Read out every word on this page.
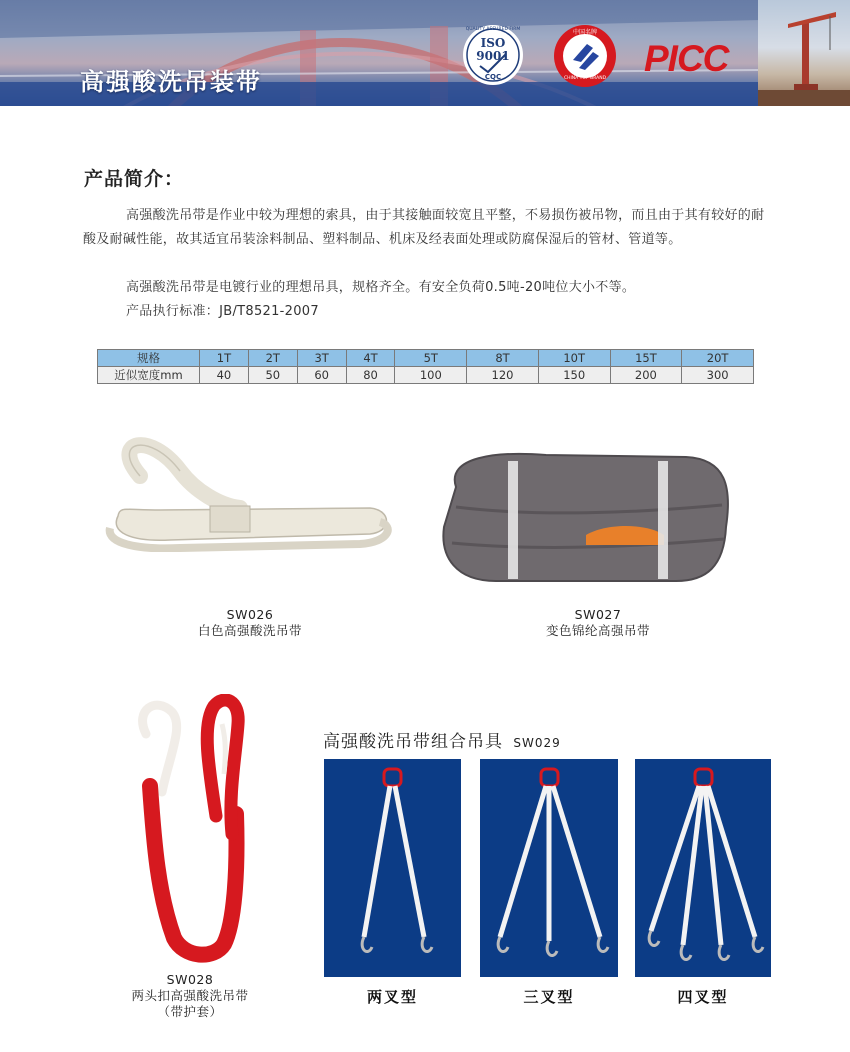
高强酸洗吊装带
ISO
9001
QUALITY ASSURED FIRM
CQC
中国名牌
CHINA TOP BRAND PICC
产品简介：
高强酸洗吊带是作业中较为理想的索具，由于其接触面较宽且平整，不易损伤被吊物，而且由于其有较好的耐酸及耐碱性能，故其适宜吊装涂料制品、塑料制品、机床及经表面处理或防腐保湿后的管材、管道等。
高强酸洗吊带是电镀行业的理想吊具，规格齐全。有安全负荷0.5吨-20吨位大小不等。
产品执行标准：JB/T8521-2007
规格	1T	2T	3T	4T	5T	8T	10T	15T	20T
近似宽度mm	40	50	60	80	100	120	150	200	300
SW026
白色高强酸洗吊带
SW027
变色锦纶高强吊带
SW028
两头扣高强酸洗吊带
（带护套）
高强酸洗吊带组合吊具 SW029
两叉型	三叉型	四叉型
